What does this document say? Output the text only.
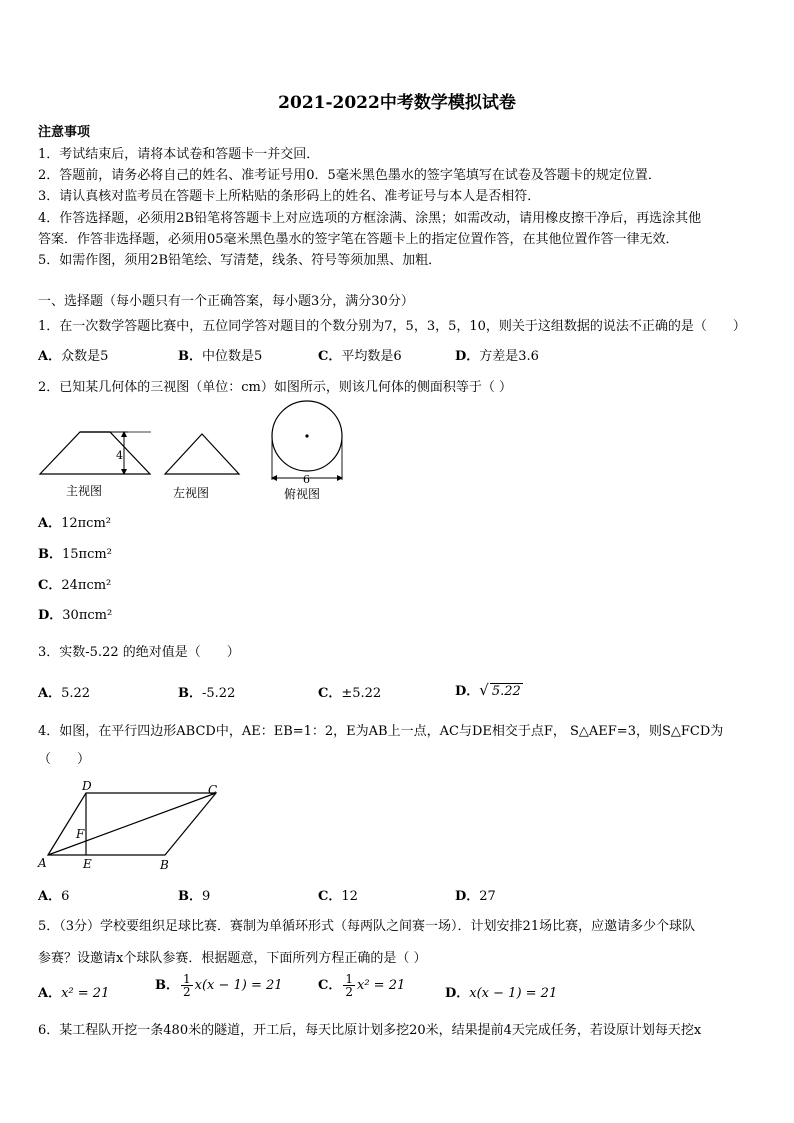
2021-2022中考数学模拟试卷
注意事项
1．考试结束后，请将本试卷和答题卡一并交回．
2．答题前，请务必将自己的姓名、准考证号用0．5毫米黑色墨水的签字笔填写在试卷及答题卡的规定位置．
3．请认真核对监考员在答题卡上所粘贴的条形码上的姓名、准考证号与本人是否相符．
4．作答选择题，必须用2B铅笔将答题卡上对应选项的方框涂满、涂黑；如需改动，请用橡皮擦干净后，再选涂其他
答案．作答非选择题，必须用05毫米黑色墨水的签字笔在答题卡上的指定位置作答，在其他位置作答一律无效．
5．如需作图，须用2B铅笔绘、写清楚，线条、符号等须加黑、加粗．
一、选择题（每小题只有一个正确答案，每小题3分，满分30分）
1．在一次数学答题比赛中，五位同学答对题目的个数分别为7，5，3，5，10，则关于这组数据的说法不正确的是（　　）
A．众数是5	B．中位数是5	C．平均数是6	D．方差是3.6
2．已知某几何体的三视图（单位：cm）如图所示，则该几何体的侧面积等于（ ）
4
6
主视图	左视图	俯视图
A．12πcm²
B．15πcm²
C．24πcm²
D．30πcm²
3．实数-5.22 的绝对值是（　　）
A．5.22	B．-5.22	C．±5.22	D．√ 5.22
4．如图，在平行四边形ABCD中，AE：EB=1：2，E为AB上一点，AC与DE相交于点F， S△AEF=3，则S△FCD为
（　　）
A
D	C
B
E
F
A．6	B．9	C．12	D．27
5．（3分）学校要组织足球比赛．赛制为单循环形式（每两队之间赛一场）．计划安排21场比赛，应邀请多少个球队
参赛？设邀请x个球队参赛．根据题意，下面所列方程正确的是（ ）
A．x² = 21
B． $\frac{1}{2} x(x - 1) = 21$	C． $\frac{1}{2} x^2 = 21$
D．x(x − 1) = 21
6．某工程队开挖一条480米的隧道，开工后，每天比原计划多挖20米，结果提前4天完成任务，若设原计划每天挖x
